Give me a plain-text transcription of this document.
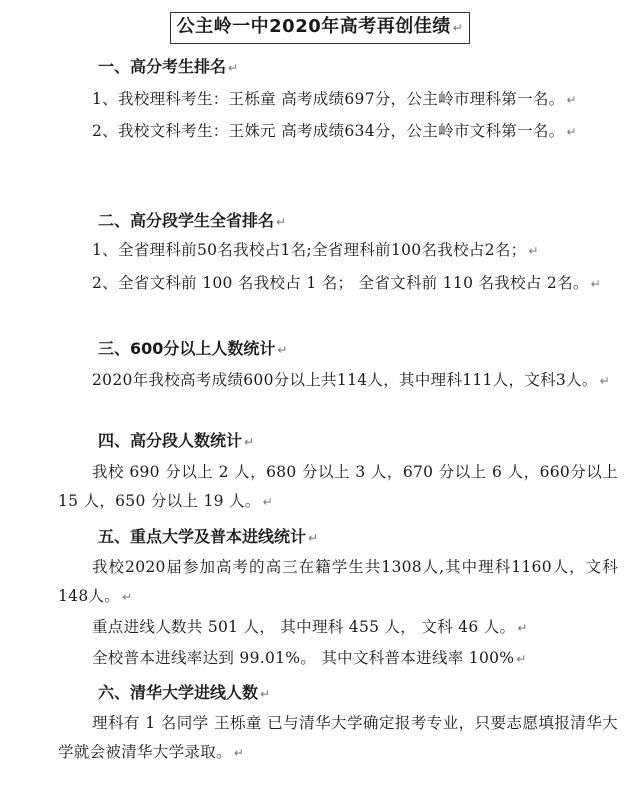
公主岭一中2020年高考再创佳绩 ↵

一、高分考生排名 ↵

1、我校理科考生：王栎童 高考成绩697分，公主岭市理科第一名。 ↵

2、我校文科考生：王姝元 高考成绩634分，公主岭市文科第一名。 ↵

二、高分段学生全省排名 ↵

1、全省理科前50名我校占1名;全省理科前100名我校占2名； ↵

2、全省文科前 100 名我校占 1 名； 全省文科前 110 名我校占 2名。 ↵

三、600分以上人数统计 ↵

2020年我校高考成绩600分以上共114人，其中理科111人，文科3人。 ↵

四、高分段人数统计 ↵

我校 690 分以上 2 人，680 分以上 3 人，670 分以上 6 人，660分以上 15 人，650 分以上 19 人。 ↵

五、重点大学及普本进线统计 ↵

我校2020届参加高考的高三在籍学生共1308人,其中理科1160人，文科148人。 ↵

重点进线人数共 501 人， 其中理科 455 人， 文科 46 人。 ↵

全校普本进线率达到 99.01%。 其中文科普本进线率 100% ↵

六、清华大学进线人数 ↵

理科有 1 名同学 王栎童 已与清华大学确定报考专业，只要志愿填报清华大学就会被清华大学录取。 ↵
